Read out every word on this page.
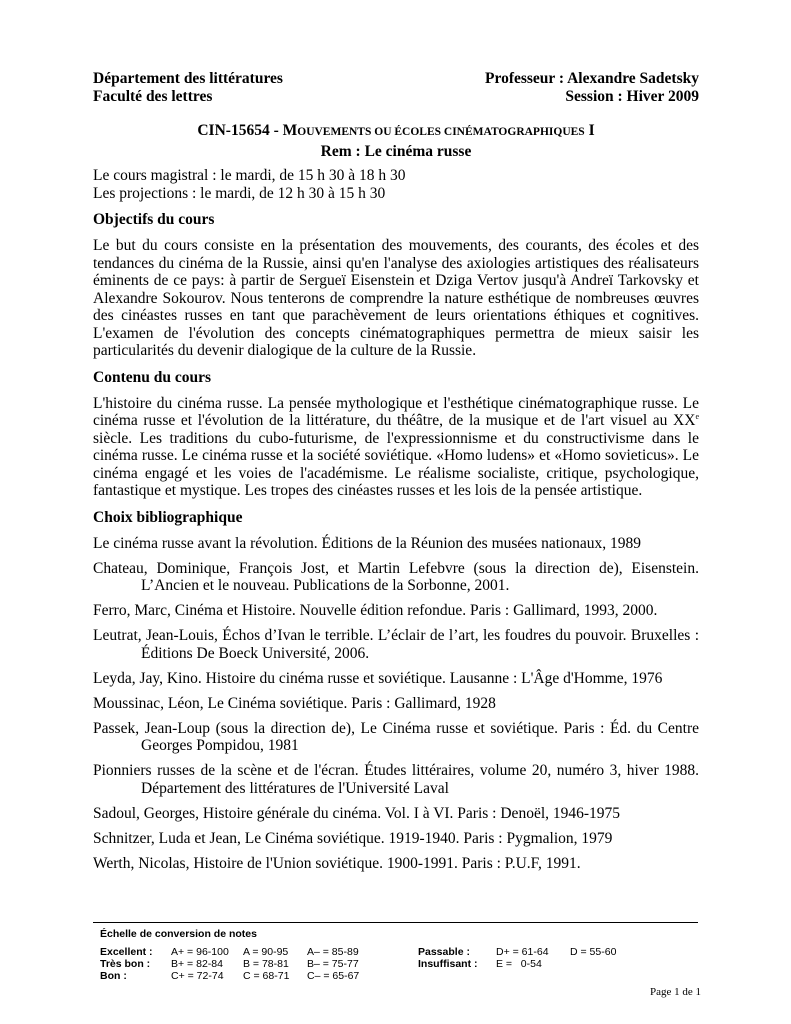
Département des littératures
Faculté des lettres
Professeur : Alexandre Sadetsky
Session : Hiver 2009
CIN-15654 - MOUVEMENTS OU ÉCOLES CINÉMATOGRAPHIQUES I
Rem : Le cinéma russe

Le cours magistral : le mardi, de 15 h 30 à 18 h 30

Les projections : le mardi, de 12 h 30 à 15 h 30

Objectifs du cours

Le but du cours consiste en la présentation des mouvements, des courants, des écoles et des tendances du cinéma de la Russie, ainsi qu'en l'analyse des axiologies artistiques des réalisateurs éminents de ce pays: à partir de Sergueï Eisenstein et Dziga Vertov jusqu'à Andreï Tarkovsky et Alexandre Sokourov. Nous tenterons de comprendre la nature esthétique de nombreuses œuvres des cinéastes russes en tant que parachèvement de leurs orientations éthiques et cognitives. L'examen de l'évolution des concepts cinématographiques permettra de mieux saisir les particularités du devenir dialogique de la culture de la Russie.

Contenu du cours

L'histoire du cinéma russe. La pensée mythologique et l'esthétique cinématographique russe. Le cinéma russe et l'évolution de la littérature, du théâtre, de la musique et de l'art visuel au XXe siècle. Les traditions du cubo-futurisme, de l'expressionnisme et du constructivisme dans le cinéma russe. Le cinéma russe et la société soviétique. «Homo ludens» et «Homo sovieticus». Le cinéma engagé et les voies de l'académisme. Le réalisme socialiste, critique, psychologique, fantastique et mystique. Les tropes des cinéastes russes et les lois de la pensée artistique.

Choix bibliographique

Le cinéma russe avant la révolution. Éditions de la Réunion des musées nationaux, 1989

Chateau, Dominique, François Jost, et Martin Lefebvre (sous la direction de), Eisenstein. L’Ancien et le nouveau. Publications de la Sorbonne, 2001.

Ferro, Marc, Cinéma et Histoire. Nouvelle édition refondue. Paris : Gallimard, 1993, 2000.

Leutrat, Jean-Louis, Échos d’Ivan le terrible. L’éclair de l’art, les foudres du pouvoir. Bruxelles : Éditions De Boeck Université, 2006.

Leyda, Jay, Kino. Histoire du cinéma russe et soviétique. Lausanne : L'Âge d'Homme, 1976

Moussinac, Léon, Le Cinéma soviétique. Paris : Gallimard, 1928

Passek, Jean-Loup (sous la direction de), Le Cinéma russe et soviétique. Paris : Éd. du Centre Georges Pompidou, 1981

Pionniers russes de la scène et de l'écran. Études littéraires, volume 20, numéro 3, hiver 1988. Département des littératures de l'Université Laval

Sadoul, Georges, Histoire générale du cinéma. Vol. I à VI. Paris : Denoël, 1946-1975

Schnitzer, Luda et Jean, Le Cinéma soviétique. 1919-1940. Paris : Pygmalion, 1979

Werth, Nicolas, Histoire de l'Union soviétique. 1900-1991. Paris : P.U.F, 1991.

Échelle de conversion de notes
Excellent :	A+ = 96-100	A = 90-95	A– = 85-89	Passable :	D+ = 61-64	D = 55-60
Très bon :	B+ = 82-84	B = 78-81	B– = 75-77	Insuffisant :	E =   0-54	
Bon :	C+ = 72-74	C = 68-71	C– = 65-67			
Page 1 de 1
